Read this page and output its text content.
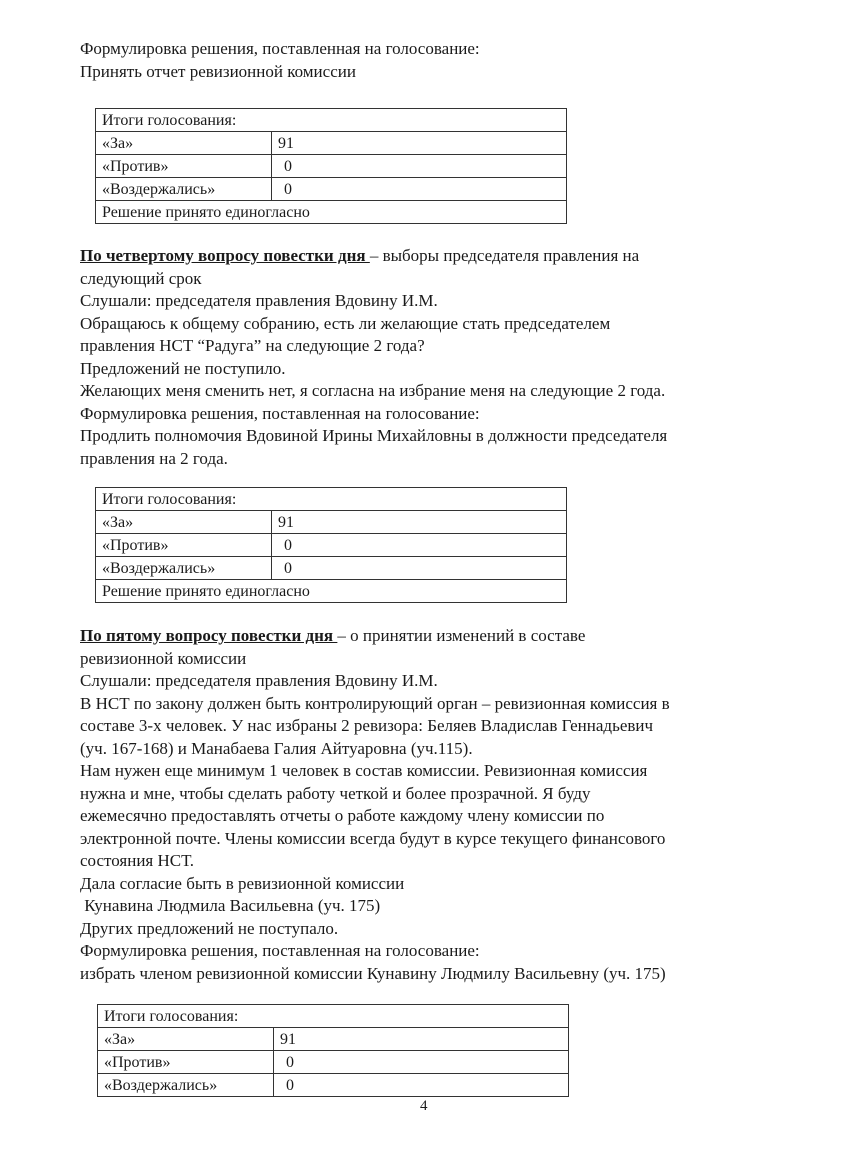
Формулировка решения, поставленная на голосование:
Принять отчет ревизионной комиссии
Итоги голосования:	
«За»	91
«Против»	0
«Воздержались»	0
Решение принято единогласно	
По четвертому вопросу повестки дня – выборы председателя правления на
следующий срок
Слушали: председателя правления Вдовину И.М.
Обращаюсь к общему собранию, есть ли желающие стать председателем
правления НСТ “Радуга” на следующие 2 года?
Предложений не поступило.
Желающих меня сменить нет, я согласна на избрание меня на следующие 2 года.
Формулировка решения, поставленная на голосование:
Продлить полномочия Вдовиной Ирины Михайловны в должности председателя
правления на 2 года.
Итоги голосования:	
«За»	91
«Против»	0
«Воздержались»	0
Решение принято единогласно	
По пятому вопросу повестки дня – о принятии изменений в составе
ревизионной комиссии
Слушали: председателя правления Вдовину И.М.
В НСТ по закону должен быть контролирующий орган – ревизионная комиссия в
составе 3-х человек. У нас избраны 2 ревизора: Беляев Владислав Геннадьевич
(уч. 167-168) и Манабаева Галия Айтуаровна (уч.115).
Нам нужен еще минимум 1 человек в состав комиссии. Ревизионная комиссия
нужна и мне, чтобы сделать работу четкой и более прозрачной. Я буду
ежемесячно предоставлять отчеты о работе каждому члену комиссии по
электронной почте. Члены комиссии всегда будут в курсе текущего финансового
состояния НСТ.
Дала согласие быть в ревизионной комиссии
Кунавина Людмила Васильевна (уч. 175)
Других предложений не поступало.
Формулировка решения, поставленная на голосование:
избрать членом ревизионной комиссии Кунавину Людмилу Васильевну (уч. 175)
Итоги голосования:	
«За»	91
«Против»	0
«Воздержались»	0
4
